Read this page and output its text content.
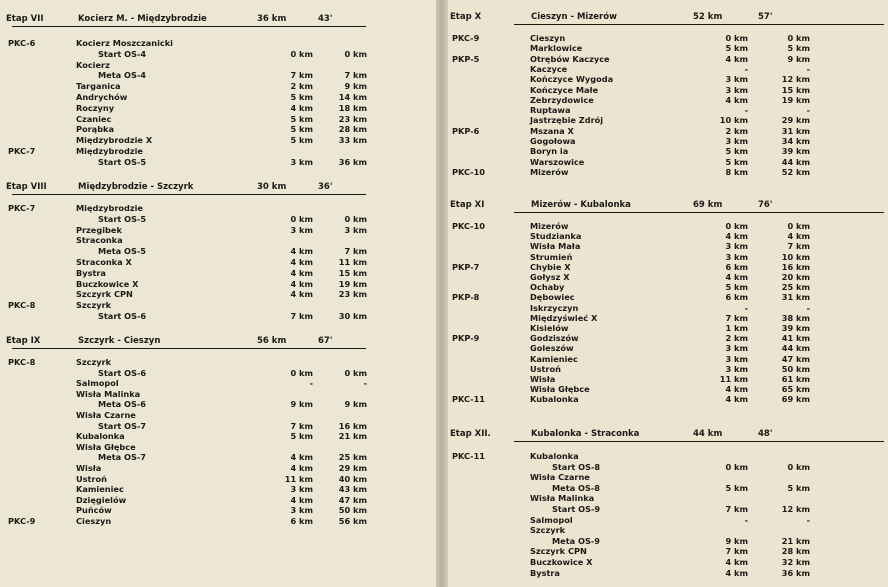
Etap VII	Kocierz M. - Międzybrodzie	36 km	43'
PKC-6	Kocierz Moszczanicki
Start OS-4	0 km	0 km
Kocierz
Meta OS-4	7 km	7 km
Targanica	2 km	9 km
Andrychów	5 km	14 km
Roczyny	4 km	18 km
Czaniec	5 km	23 km
Porąbka	5 km	28 km
Międzybrodzie X	5 km	33 km
PKC-7	Międzybrodzie
Start OS-5	3 km	36 km
Etap VIII	Międzybrodzie - Szczyrk	30 km	36'
PKC-7	Międzybrodzie
Start OS-5	0 km	0 km
Przegibek	3 km	3 km
Straconka
Meta OS-5	4 km	7 km
Straconka X	4 km	11 km
Bystra	4 km	15 km
Buczkowice X	4 km	19 km
Szczyrk CPN	4 km	23 km
PKC-8	Szczyrk
Start OS-6	7 km	30 km
Etap IX	Szczyrk - Cieszyn	56 km	67'
PKC-8	Szczyrk
Start OS-6	0 km	0 km
Salmopol	-	-
Wisła Malinka
Meta OS-6	9 km	9 km
Wisła Czarne
Start OS-7	7 km	16 km
Kubalonka	5 km	21 km
Wisła Głębce
Meta OS-7	4 km	25 km
Wisła	4 km	29 km
Ustroń	11 km	40 km
Kamieniec	3 km	43 km
Dzięgielów	4 km	47 km
Puńców	3 km	50 km
PKC-9	Cieszyn	6 km	56 km
Etap X	Cieszyn - Mizerów	52 km	57'
PKC-9	Cieszyn	0 km	0 km
Marklowice	5 km	5 km
PKP-5	Otrębów Kaczyce	4 km	9 km
Kaczyce	-	-
Kończyce Wygoda	3 km	12 km
Kończyce Małe	3 km	15 km
Zebrzydowice	4 km	19 km
Ruptawa	-	-
Jastrzębie Zdrój	10 km	29 km
PKP-6	Mszana X	2 km	31 km
Gogołowa	3 km	34 km
Boryn ia	5 km	39 km
Warszowice	5 km	44 km
PKC-10	Mizerów	8 km	52 km
Etap XI	Mizerów - Kubalonka	69 km	76'
PKC-10	Mizerów	0 km	0 km
Studzianka	4 km	4 km
Wisła Mała	3 km	7 km
Strumień	3 km	10 km
PKP-7	Chybie X	6 km	16 km
Gołysz X	4 km	20 km
Ochaby	5 km	25 km
PKP-8	Dębowiec	6 km	31 km
Iskrzyczyn	-	-
Międzyświeć X	7 km	38 km
Kisielów	1 km	39 km
PKP-9	Godziszów	2 km	41 km
Goleszów	3 km	44 km
Kamieniec	3 km	47 km
Ustroń	3 km	50 km
Wisła	11 km	61 km
Wisła Głębce	4 km	65 km
PKC-11	Kubalonka	4 km	69 km
Etap XII.	Kubalonka - Straconka	44 km	48'
PKC-11	Kubalonka
Start OS-8	0 km	0 km
Wisła Czarne
Meta OS-8	5 km	5 km
Wisła Malinka
Start OS-9	7 km	12 km
Salmopol	-	-
Szczyrk
Meta OS-9	9 km	21 km
Szczyrk CPN	7 km	28 km
Buczkowice X	4 km	32 km
Bystra	4 km	36 km
